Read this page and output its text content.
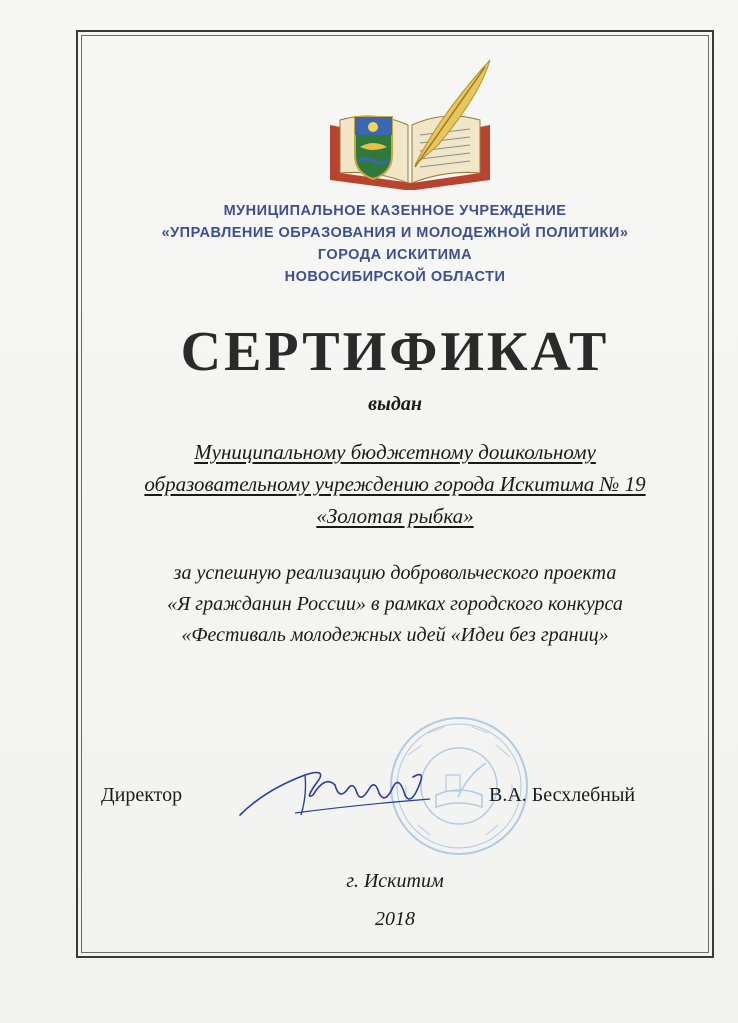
МУНИЦИПАЛЬНОЕ КАЗЕННОЕ УЧРЕЖДЕНИЕ
«УПРАВЛЕНИЕ ОБРАЗОВАНИЯ И МОЛОДЕЖНОЙ ПОЛИТИКИ»
ГОРОДА ИСКИТИМА
НОВОСИБИРСКОЙ ОБЛАСТИ
СЕРТИФИКАТ
выдан
Муниципальному бюджетному дошкольному
образовательному учреждению города Искитима № 19
«Золотая рыбка»
за успешную реализацию добровольческого проекта
«Я гражданин России» в рамках городского конкурса
«Фестиваль молодежных идей «Идеи без границ»
Директор	В.А. Бесхлебный
г. Искитим
2018
